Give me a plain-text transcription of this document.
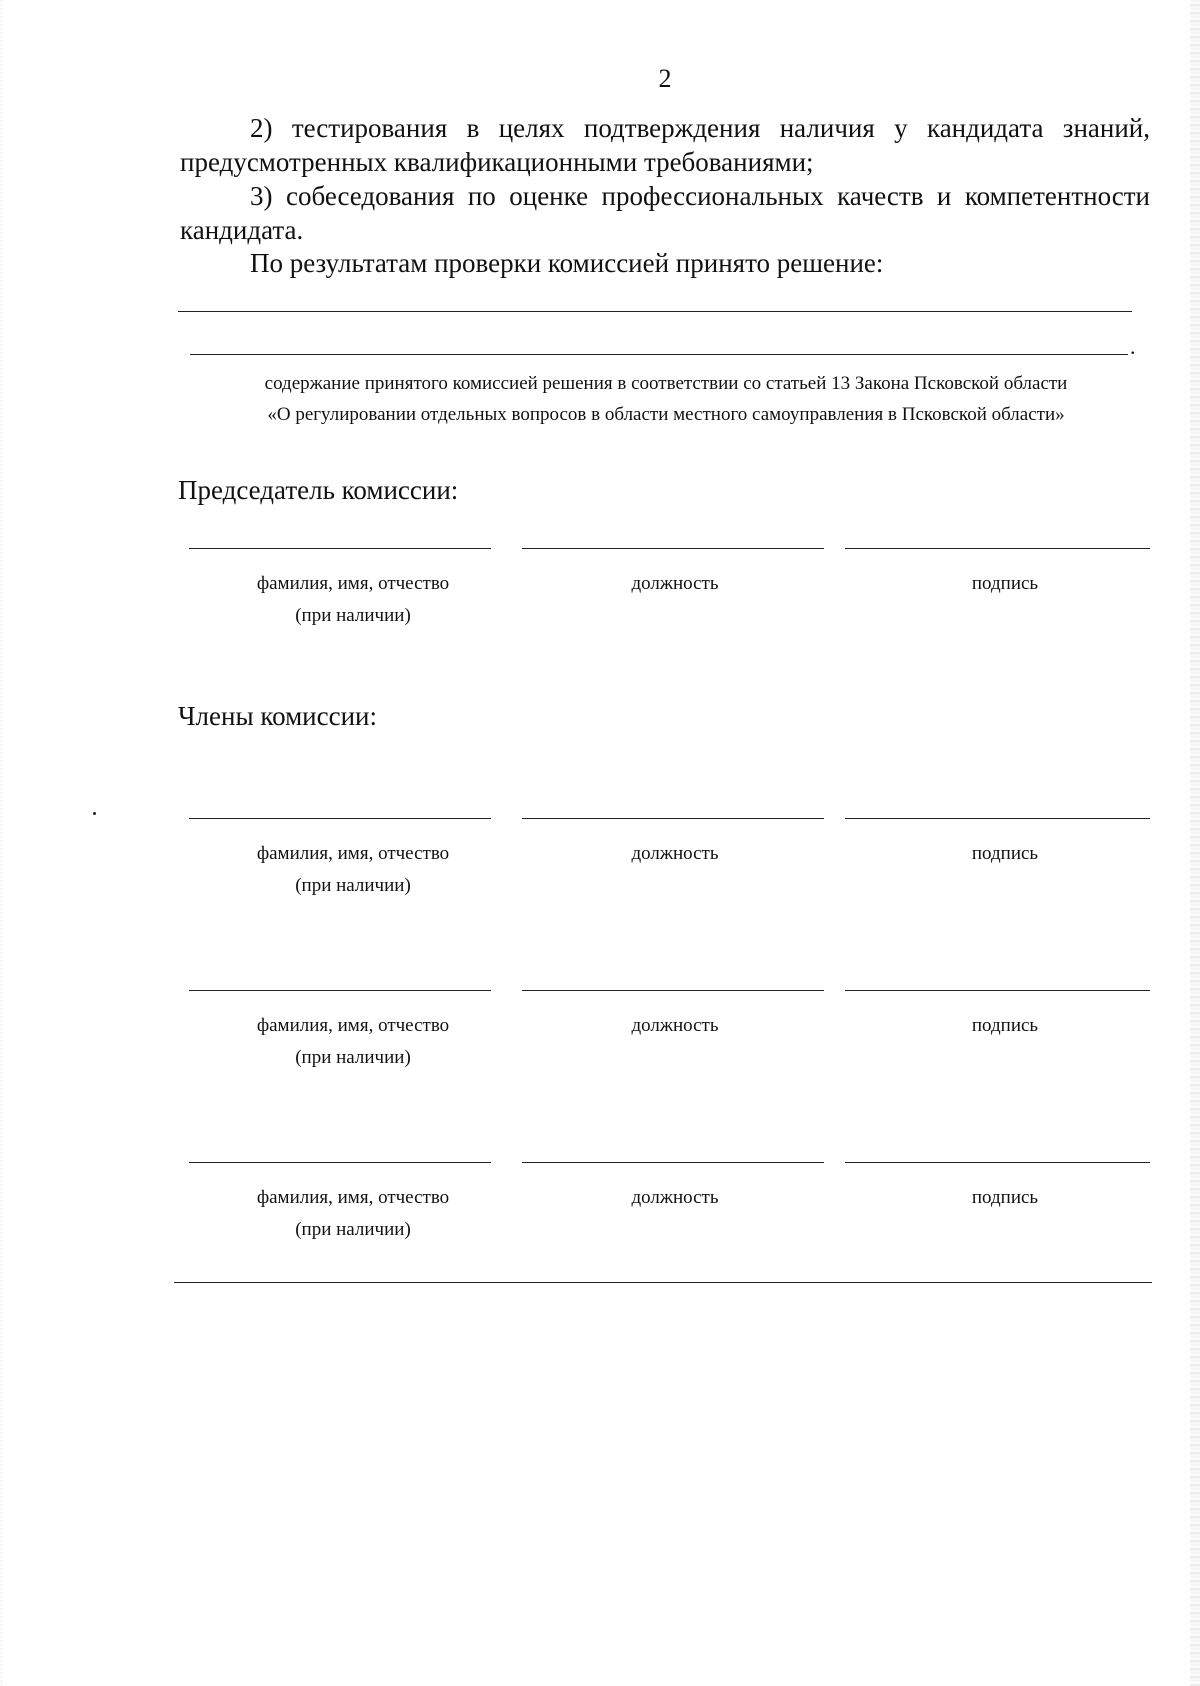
2
2) тестирования в целях подтверждения наличия у кандидата знаний, предусмотренных квалификационными требованиями;
3) собеседования по оценке профессиональных качеств и компетентности кандидата.
По результатам проверки комиссией принято решение:
.
содержание принятого комиссией решения в соответствии со статьей 13 Закона Псковской области
«О регулировании отдельных вопросов в области местного самоуправления в Псковской области»
Председатель комиссии:
фамилия, имя, отчество
(при наличии)
должность	подпись
Члены комиссии:
фамилия, имя, отчество
(при наличии)
должность	подпись
фамилия, имя, отчество
(при наличии)
должность	подпись
фамилия, имя, отчество
(при наличии)
должность	подпись
